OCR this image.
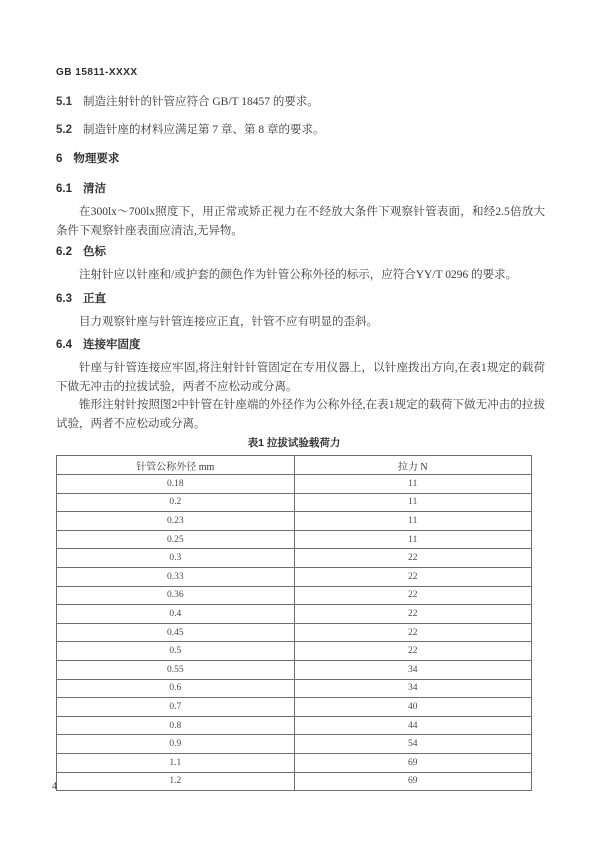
GB 15811-XXXX

5.1 制造注射针的针管应符合 GB/T 18457 的要求。

5.2 制造针座的材料应满足第 7 章、第 8 章的要求。

6 物理要求
6.1 清洁

在300lx～700lx照度下，用正常或矫正视力在不经放大条件下观察针管表面，和经2.5倍放大条件下观察针座表面应清洁,无异物。

6.2 色标

注射针应以针座和/或护套的颜色作为针管公称外径的标示，应符合YY/T 0296 的要求。

6.3 正直

目力观察针座与针管连接应正直，针管不应有明显的歪斜。

6.4 连接牢固度

针座与针管连接应牢固,将注射针针管固定在专用仪器上，以针座拨出方向,在表1规定的载荷下做无冲击的拉拔试验，两者不应松动或分离。

锥形注射针按照图2中针管在针座端的外径作为公称外径,在表1规定的载荷下做无冲击的拉拔试验，两者不应松动或分离。

表1 拉拔试验载荷力
针管公称外径 mm	拉力 N
0.18	11
0.2	11
0.23	11
0.25	11
0.3	22
0.33	22
0.36	22
0.4	22
0.45	22
0.5	22
0.55	34
0.6	34
0.7	40
0.8	44
0.9	54
1.1	69
1.2	69
4
